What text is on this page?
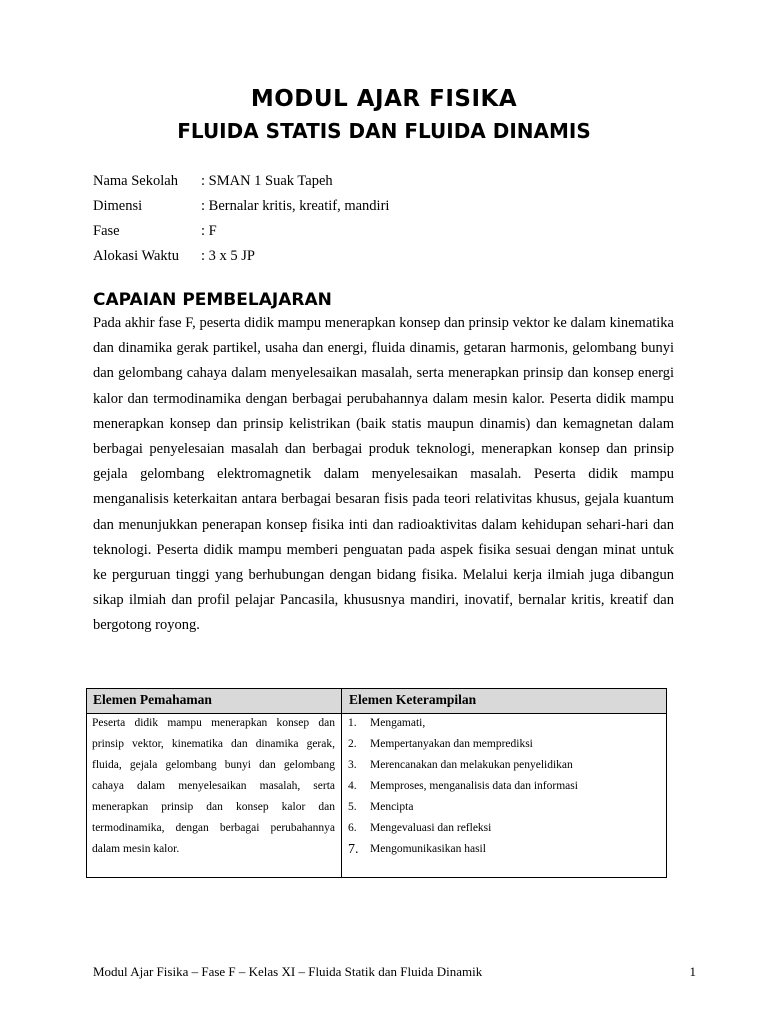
MODUL AJAR FISIKA
FLUIDA STATIS DAN FLUIDA DINAMIS
Nama Sekolah	: SMAN 1 Suak Tapeh
Dimensi	: Bernalar kritis, kreatif, mandiri
Fase	: F
Alokasi Waktu	: 3 x 5 JP
CAPAIAN PEMBELAJARAN

Pada akhir fase F, peserta didik mampu menerapkan konsep dan prinsip vektor ke dalam kinematika dan dinamika gerak partikel, usaha dan energi, fluida dinamis, getaran harmonis, gelombang bunyi dan gelombang cahaya dalam menyelesaikan masalah, serta menerapkan prinsip dan konsep energi kalor dan termodinamika dengan berbagai perubahannya dalam mesin kalor. Peserta didik mampu menerapkan konsep dan prinsip kelistrikan (baik statis maupun dinamis) dan kemagnetan dalam berbagai penyelesaian masalah dan berbagai produk teknologi, menerapkan konsep dan prinsip gejala gelombang elektromagnetik dalam menyelesaikan masalah. Peserta didik mampu menganalisis keterkaitan antara berbagai besaran fisis pada teori relativitas khusus, gejala kuantum dan menunjukkan penerapan konsep fisika inti dan radioaktivitas dalam kehidupan sehari-hari dan teknologi. Peserta didik mampu memberi penguatan pada aspek fisika sesuai dengan minat untuk ke perguruan tinggi yang berhubungan dengan bidang fisika. Melalui kerja ilmiah juga dibangun sikap ilmiah dan profil pelajar Pancasila, khususnya mandiri, inovatif, bernalar kritis, kreatif dan bergotong royong.

Elemen Pemahaman	Elemen Keterampilan

Peserta didik mampu menerapkan konsep dan prinsip vektor, kinematika dan dinamika gerak, fluida, gejala gelombang bunyi dan gelombang cahaya dalam menyelesaikan masalah, serta menerapkan prinsip dan konsep kalor dan termodinamika, dengan berbagai perubahannya dalam mesin kalor.

1.	Mengamati,
2.	Mempertanyakan dan memprediksi
3.	Merencanakan dan melakukan penyelidikan
4.	Memproses, menganalisis data dan informasi
5.	Mencipta
6.	Mengevaluasi dan refleksi
7.	Mengomunikasikan hasil
Modul Ajar Fisika – Fase F – Kelas XI – Fluida Statik dan Fluida Dinamik	1
